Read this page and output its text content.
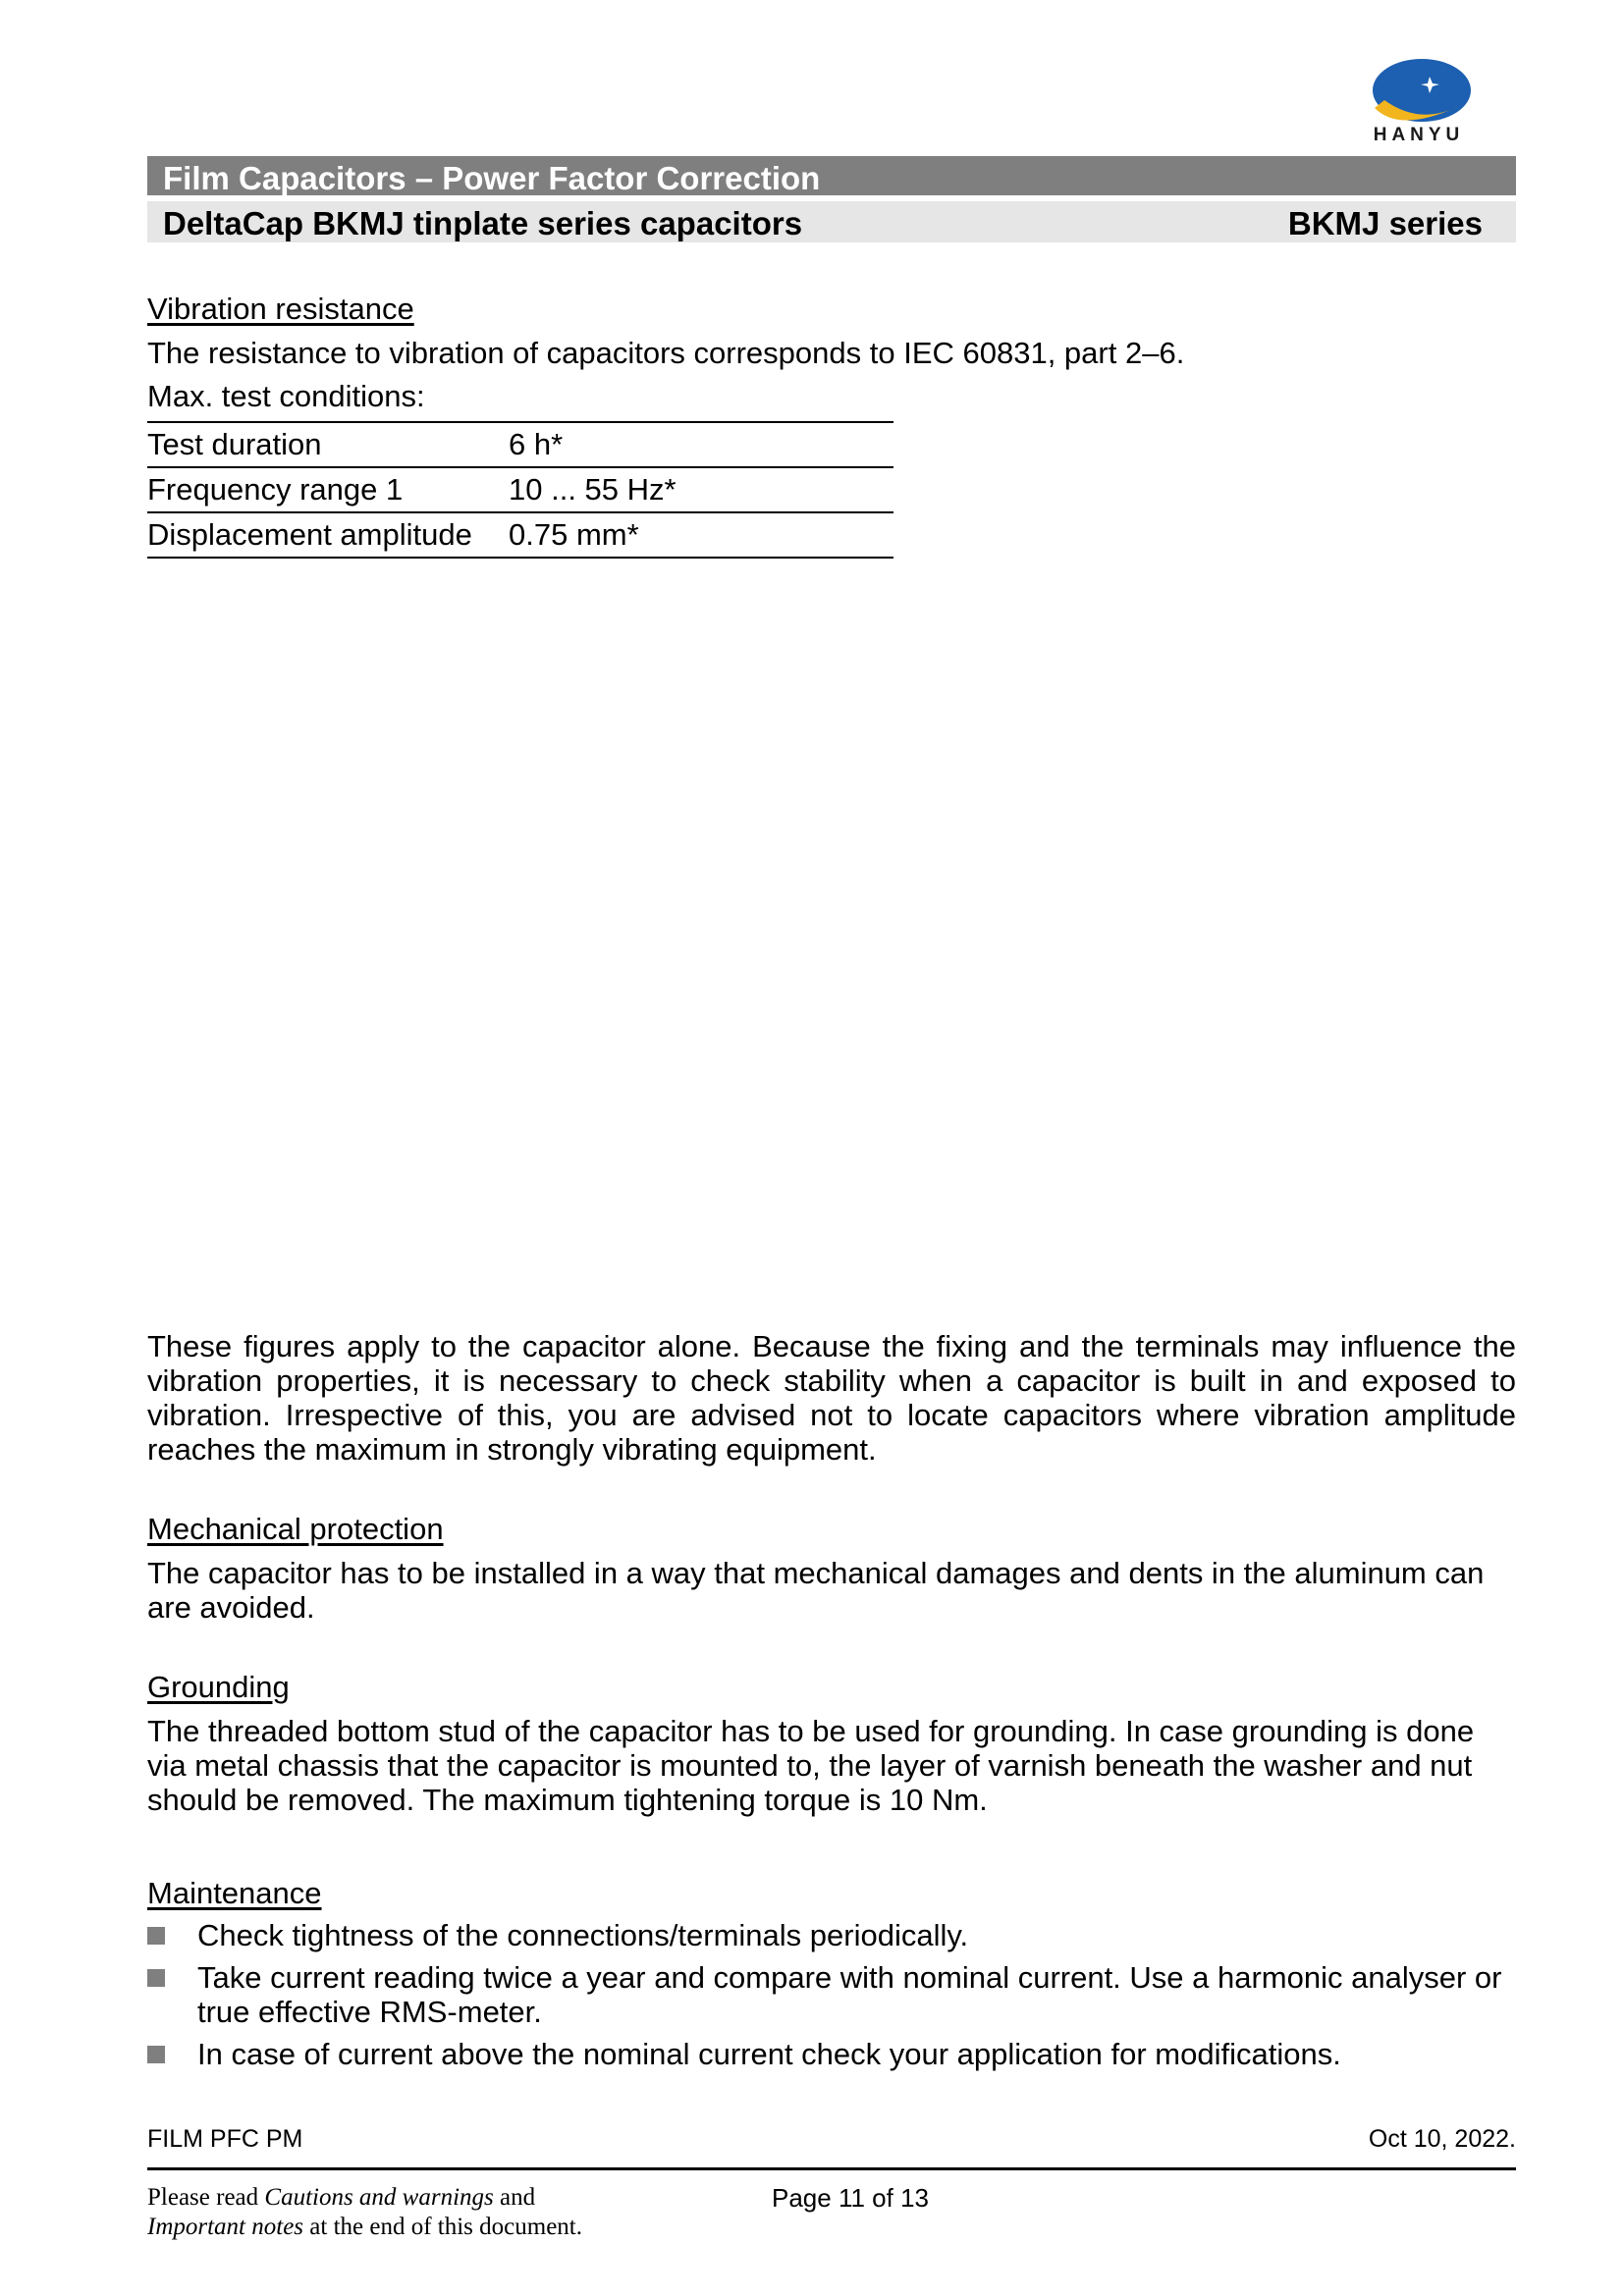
HANYU
Film Capacitors – Power Factor Correction
DeltaCap BKMJ tinplate series capacitors	BKMJ series
Vibration resistance
The resistance to vibration of capacitors corresponds to IEC 60831, part 2–6.
Max. test conditions:
Test duration	6 h*
Frequency range 1	10 ... 55 Hz*
Displacement amplitude	0.75 mm*
These figures apply to the capacitor alone. Because the fixing and the terminals may influence the vibration properties, it is necessary to check stability when a capacitor is built in and exposed to vibration. Irrespective of this, you are advised not to locate capacitors where vibration amplitude reaches the maximum in strongly vibrating equipment.
Mechanical protection
The capacitor has to be installed in a way that mechanical damages and dents in the aluminum can are avoided.
Grounding
The threaded bottom stud of the capacitor has to be used for grounding. In case grounding is done via metal chassis that the capacitor is mounted to, the layer of varnish beneath the washer and nut should be removed. The maximum tightening torque is 10 Nm.
Maintenance
Check tightness of the connections/terminals periodically.
Take current reading twice a year and compare with nominal current. Use a harmonic analyser or true effective RMS-meter.
In case of current above the nominal current check your application for modifications.
FILM PFC PM	Oct 10, 2022.
Please read Cautions and warnings and
Important notes at the end of this document.
Page 11 of 13
